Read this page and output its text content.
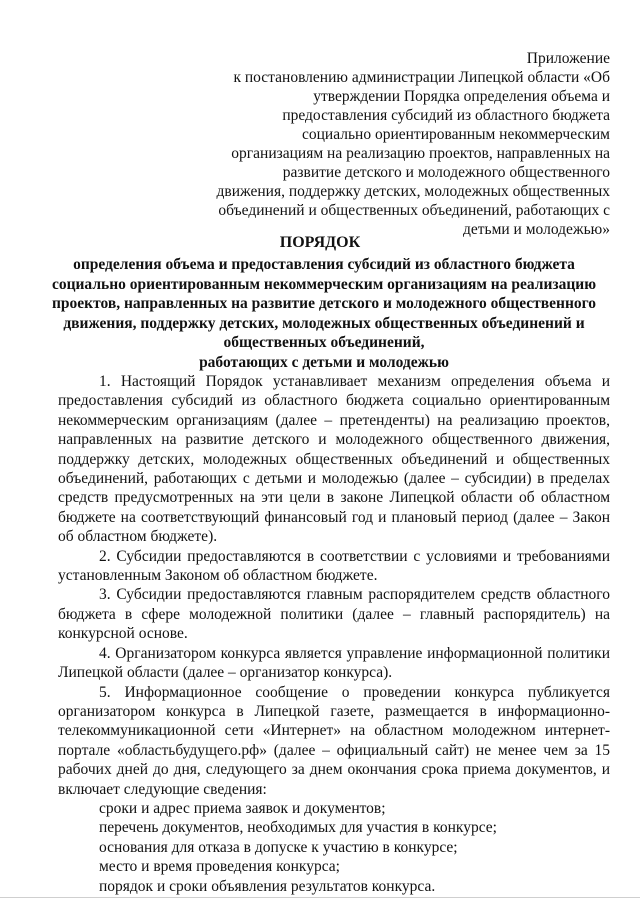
Приложение
к постановлению администрации Липецкой области «Об
утверждении Порядка определения объема и
предоставления субсидий из областного бюджета
социально ориентированным некоммерческим
организациям на реализацию проектов, направленных на
развитие детского и молодежного общественного
движения, поддержку детских, молодежных общественных
объединений и общественных объединений, работающих с
детьми и молодежью»
ПОРЯДОК
определения объема и предоставления субсидий из областного бюджета
социально ориентированным некоммерческим организациям на реализацию
проектов, направленных на развитие детского и молодежного общественного
движения, поддержку детских, молодежных общественных объединений и
общественных объединений,
работающих с детьми и молодежью

1. Настоящий Порядок устанавливает механизм определения объема и предоставления субсидий из областного бюджета социально ориентированным некоммерческим организациям (далее – претенденты) на реализацию проектов, направленных на развитие детского и молодежного общественного движения, поддержку детских, молодежных общественных объединений и общественных объединений, работающих с детьми и молодежью (далее – субсидии) в пределах средств предусмотренных на эти цели в законе Липецкой области об областном бюджете на соответствующий финансовый год и плановый период (далее – Закон об областном бюджете).

2. Субсидии предоставляются в соответствии с условиями и требованиями установленным Законом об областном бюджете.

3. Субсидии предоставляются главным распорядителем средств областного бюджета в сфере молодежной политики (далее – главный распорядитель) на конкурсной основе.

4. Организатором конкурса является управление информационной политики Липецкой области (далее – организатор конкурса).

5. Информационное сообщение о проведении конкурса публикуется организатором конкурса в Липецкой газете, размещается в информационно-телекоммуникационной сети «Интернет» на областном молодежном интернет-портале «областьбудущего.рф» (далее – официальный сайт) не менее чем за 15 рабочих дней до дня, следующего за днем окончания срока приема документов, и включает следующие сведения:

сроки и адрес приема заявок и документов;

перечень документов, необходимых для участия в конкурсе;

основания для отказа в допуске к участию в конкурсе;

место и время проведения конкурса;

порядок и сроки объявления результатов конкурса.
